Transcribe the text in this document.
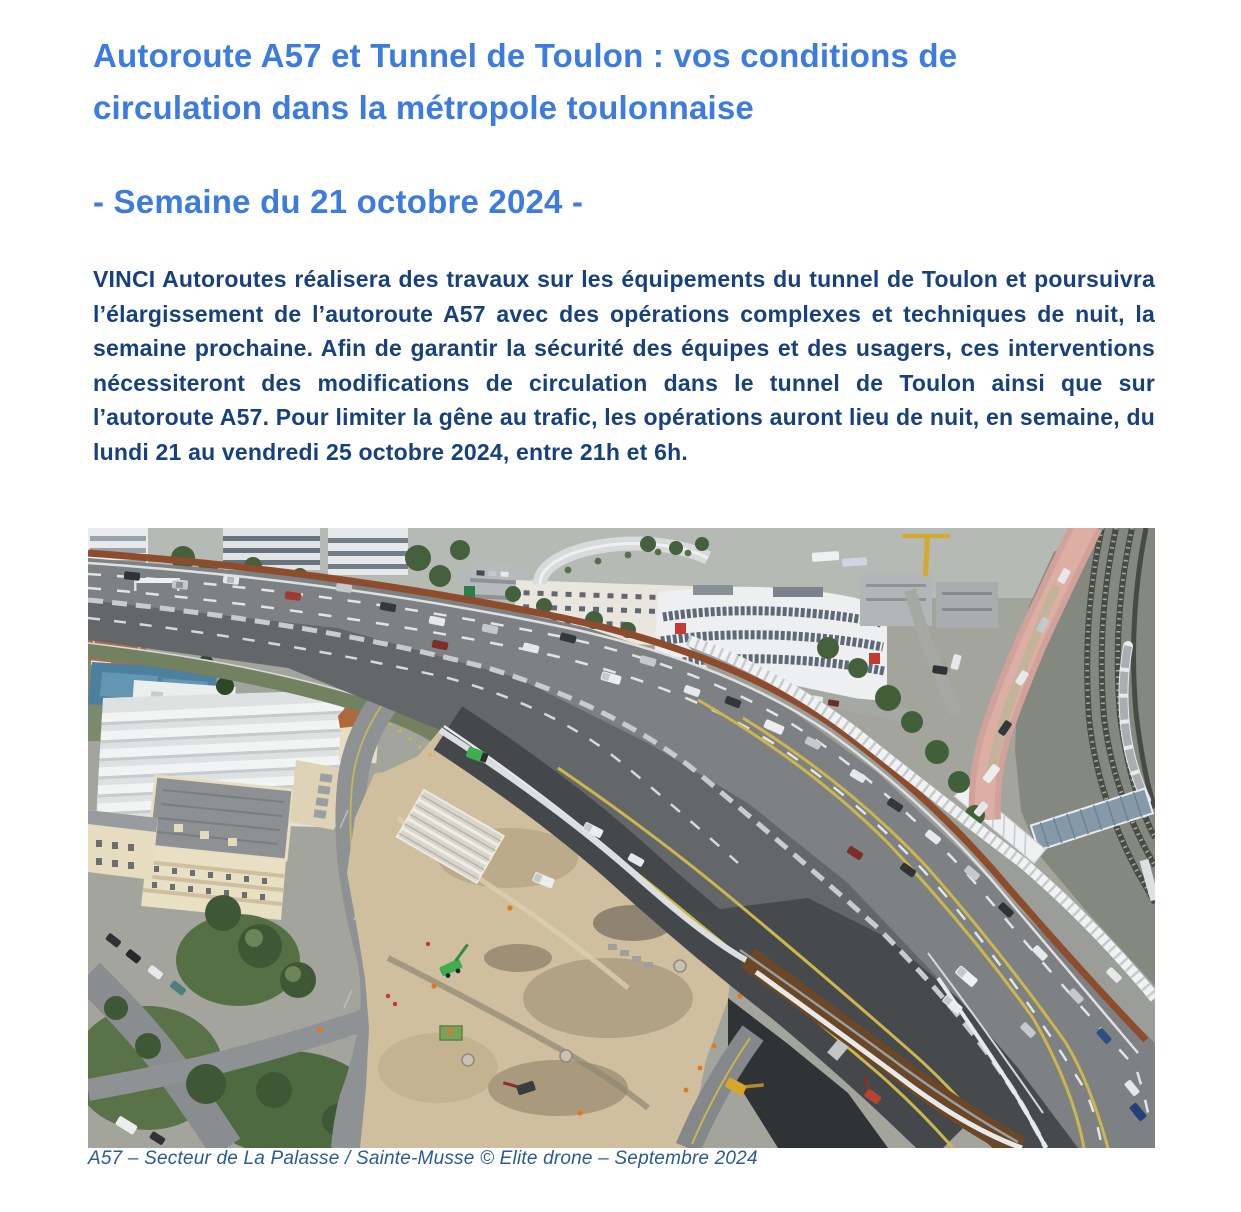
Autoroute A57 et Tunnel de Toulon : vos conditions de
circulation dans la métropole toulonnaise
- Semaine du 21 octobre 2024 -

VINCI Autoroutes réalisera des travaux sur les équipements du tunnel de Toulon et poursuivra l’élargissement de l’autoroute A57 avec des opérations complexes et techniques de nuit, la semaine prochaine. Afin de garantir la sécurité des équipes et des usagers, ces interventions nécessiteront des modifications de circulation dans le tunnel de Toulon ainsi que sur l’autoroute A57. Pour limiter la gêne au trafic, les opérations auront lieu de nuit, en semaine, du lundi 21 au vendredi 25 octobre 2024, entre 21h et 6h.

A57 – Secteur de La Palasse / Sainte-Musse © Elite drone – Septembre 2024
